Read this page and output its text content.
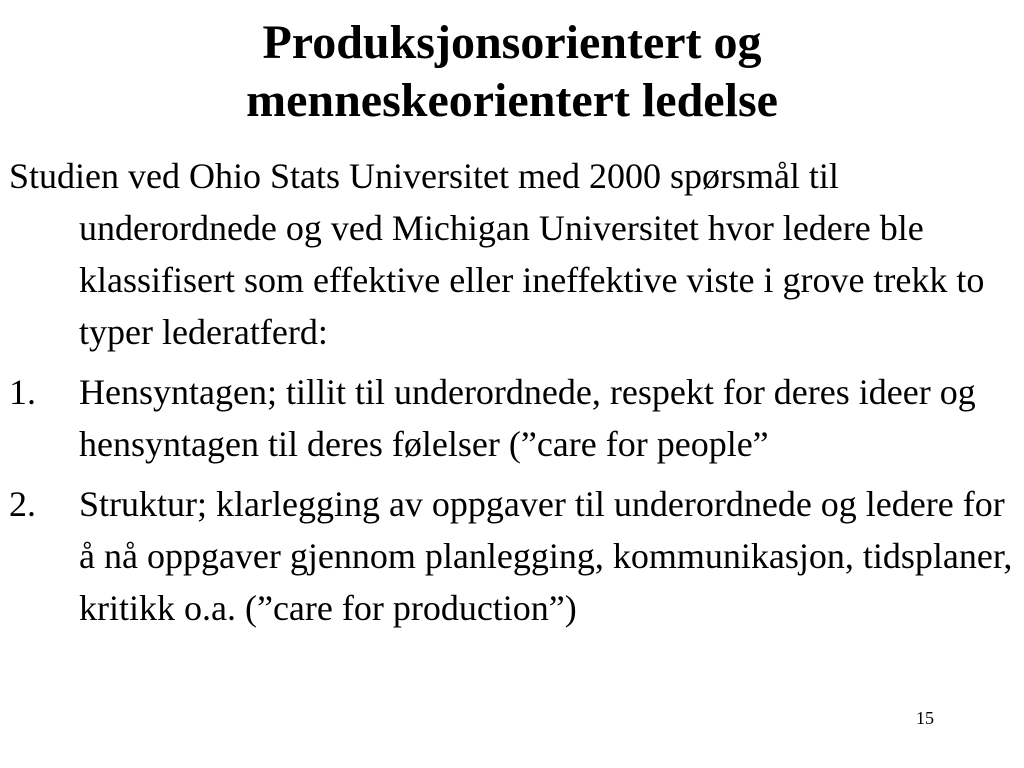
Produksjonsorientert og
menneskeorientert ledelse

Studien ved Ohio Stats Universitet med 2000 spørsmål til underordnede og ved Michigan Universitet hvor ledere ble klassifisert som effektive eller ineffektive viste i grove trekk to typer lederatferd:

1. Hensyntagen; tillit til underordnede, respekt for deres ideer og hensyntagen til deres følelser (”care for people”
2. Struktur; klarlegging av oppgaver til underordnede og ledere for å nå oppgaver gjennom planlegging, kommunikasjon, tidsplaner, kritikk o.a. (”care for production”)
15
